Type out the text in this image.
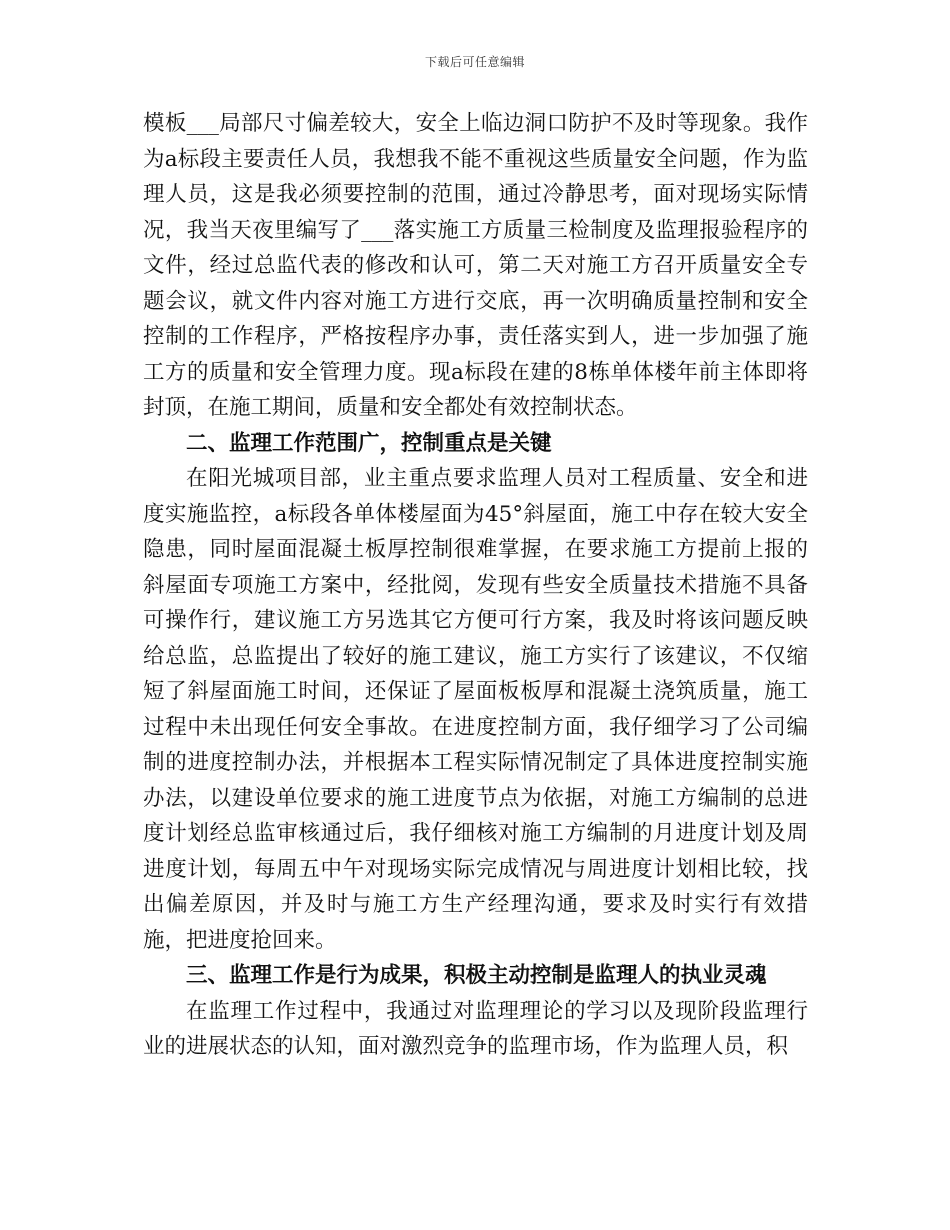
下载后可任意编辑

模板___局部尺寸偏差较大，安全上临边洞口防护不及时等现象。我作为a标段主要责任人员，我想我不能不重视这些质量安全问题，作为监理人员，这是我必须要控制的范围，通过冷静思考，面对现场实际情况，我当天夜里编写了___落实施工方质量三检制度及监理报验程序的文件，经过总监代表的修改和认可，第二天对施工方召开质量安全专题会议，就文件内容对施工方进行交底，再一次明确质量控制和安全控制的工作程序，严格按程序办事，责任落实到人，进一步加强了施工方的质量和安全管理力度。现a标段在建的8栋单体楼年前主体即将封顶，在施工期间，质量和安全都处有效控制状态。

二、监理工作范围广，控制重点是关键

在阳光城项目部，业主重点要求监理人员对工程质量、安全和进度实施监控，a标段各单体楼屋面为45°斜屋面，施工中存在较大安全隐患，同时屋面混凝土板厚控制很难掌握，在要求施工方提前上报的斜屋面专项施工方案中，经批阅，发现有些安全质量技术措施不具备可操作行，建议施工方另选其它方便可行方案，我及时将该问题反映给总监，总监提出了较好的施工建议，施工方实行了该建议，不仅缩短了斜屋面施工时间，还保证了屋面板板厚和混凝土浇筑质量，施工过程中未出现任何安全事故。在进度控制方面，我仔细学习了公司编制的进度控制办法，并根据本工程实际情况制定了具体进度控制实施办法，以建设单位要求的施工进度节点为依据，对施工方编制的总进度计划经总监审核通过后，我仔细核对施工方编制的月进度计划及周进度计划，每周五中午对现场实际完成情况与周进度计划相比较，找出偏差原因，并及时与施工方生产经理沟通，要求及时实行有效措施，把进度抢回来。

三、监理工作是行为成果，积极主动控制是监理人的执业灵魂

在监理工作过程中，我通过对监理理论的学习以及现阶段监理行业的进展状态的认知，面对激烈竞争的监理市场，作为监理人员，积
